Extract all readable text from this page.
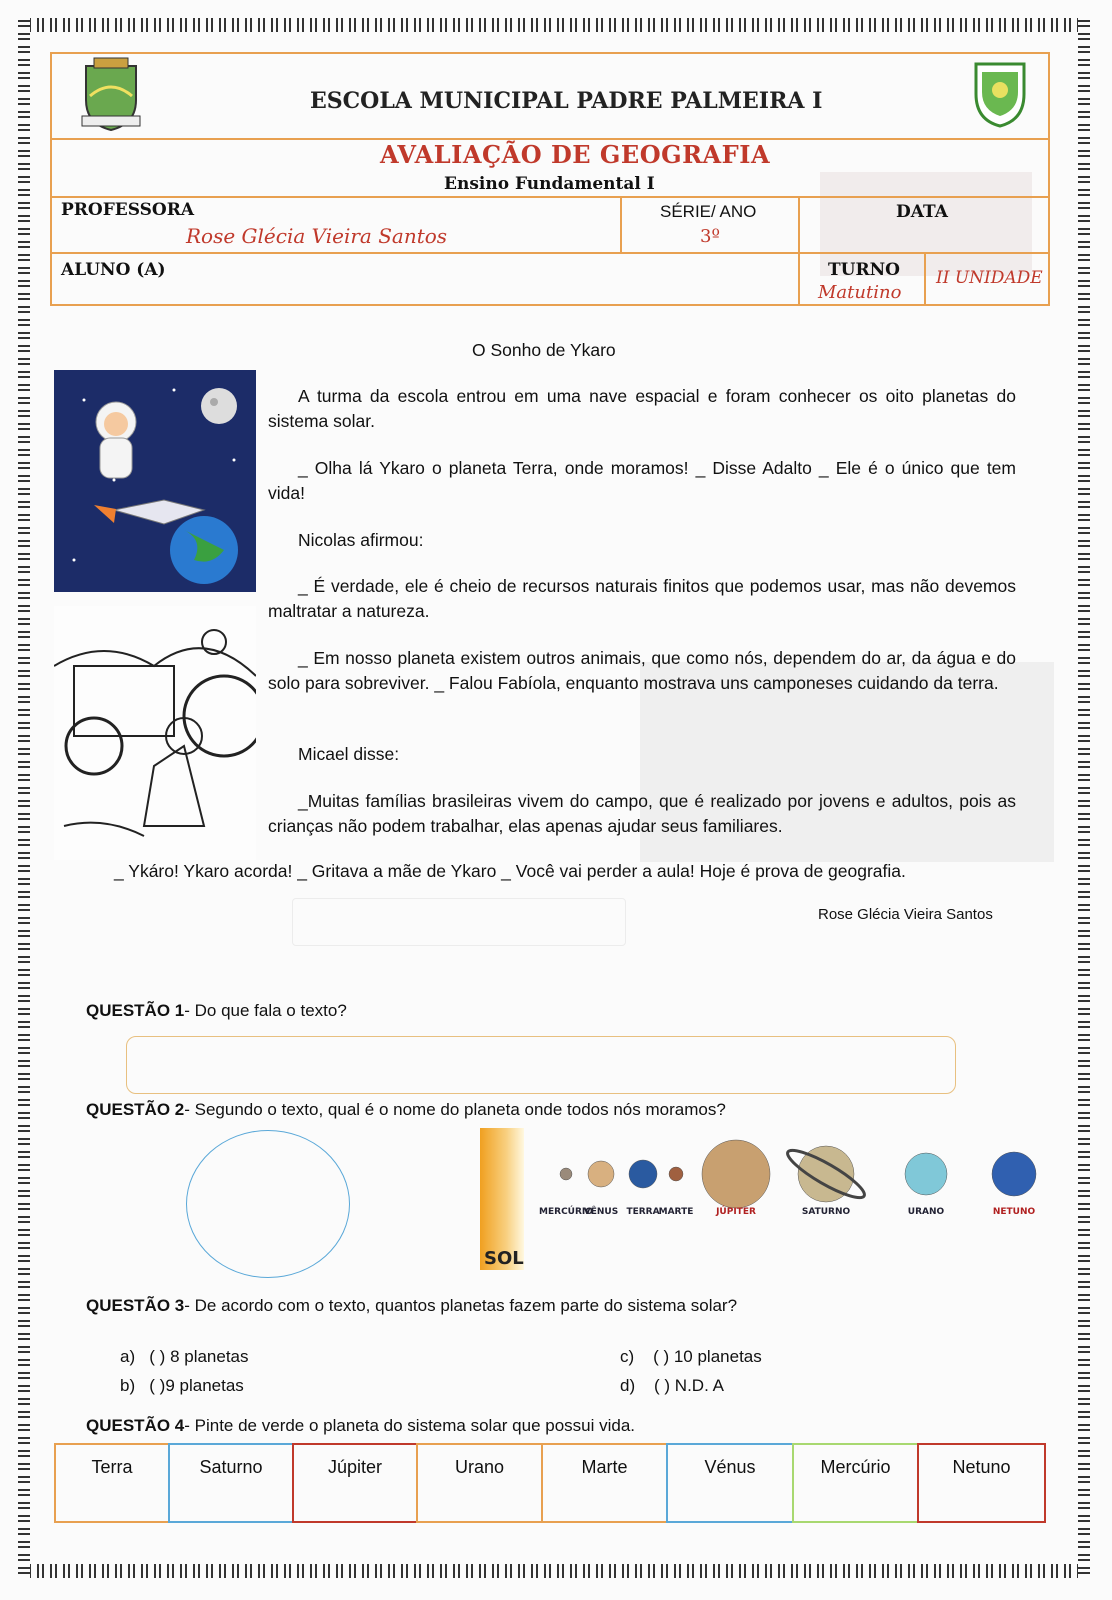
ESCOLA MUNICIPAL PADRE PALMEIRA I
AVALIAÇÃO DE GEOGRAFIA
Ensino Fundamental I
PROFESSORA
Rose Glécia Vieira Santos
SÉRIE/ ANO
3º
DATA
ALUNO (A)	TURNO
Matutino
II UNIDADE
O Sonho de Ykaro
A turma da escola entrou em uma nave espacial e foram conhecer os oito planetas do sistema solar.
_ Olha lá Ykaro o planeta Terra, onde moramos! _ Disse Adalto _ Ele é o único que tem vida!
Nicolas afirmou:
_ É verdade, ele é cheio de recursos naturais finitos que podemos usar, mas não devemos maltratar a natureza.
_ Em nosso planeta existem outros animais, que como nós, dependem do ar, da água e do solo para sobreviver. _ Falou Fabíola, enquanto mostrava uns camponeses cuidando da terra.
Micael disse:
_Muitas famílias brasileiras vivem do campo, que é realizado por jovens e adultos, pois as crianças não podem trabalhar, elas apenas ajudar seus familiares.
_ Ykáro! Ykaro acorda! _ Gritava a mãe de Ykaro _ Você vai perder a aula! Hoje é prova de geografia.
Rose Glécia Vieira Santos
QUESTÃO 1- Do que fala o texto?
QUESTÃO 2- Segundo o texto, qual é o nome do planeta onde todos nós moramos?
SOL
MERCÚRIO
VÊNUS TERRA MARTE	JÚPITER	SATURNO	URANO	NETUNO
QUESTÃO 3- De acordo com o texto, quantos planetas fazem parte do sistema solar?
a) ( ) 8 planetas
b) ( )9 planetas
c) ( ) 10 planetas
d) ( ) N.D. A
QUESTÃO 4- Pinte de verde o planeta do sistema solar que possui vida.
Terra	Saturno	Júpiter	Urano	Marte	Vénus	Mercúrio	Netuno
